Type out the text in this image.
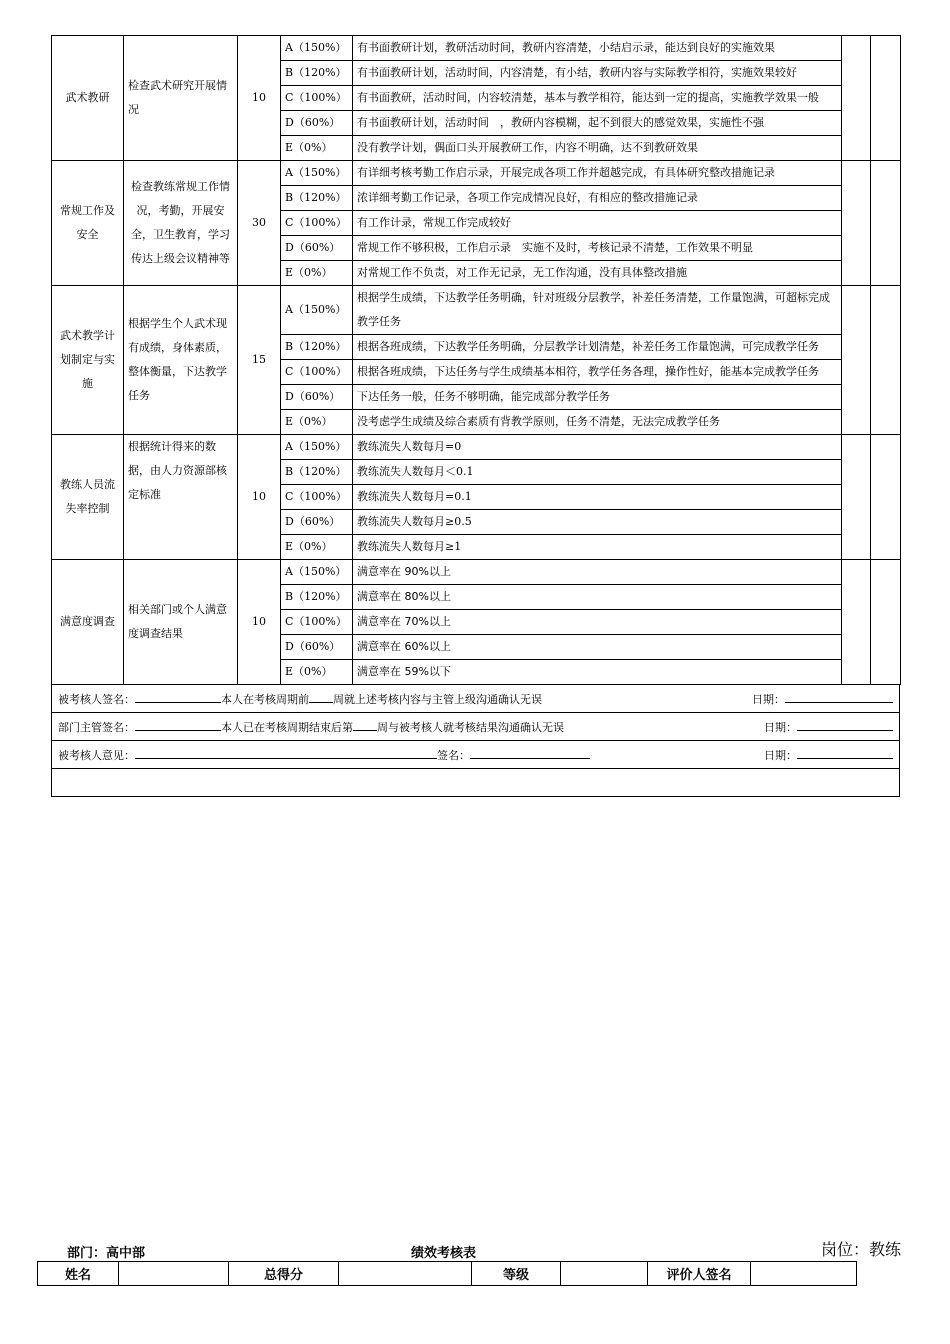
武术教研	检查武术研究开展情况	10	A（150%）	有书面教研计划，教研活动时间，教研内容清楚，小结启示录，能达到良好的实施效果		
			B（120%）	有书面教研计划，活动时间，内容清楚，有小结，教研内容与实际教学相符，实施效果较好		
			C（100%）	有书面教研，活动时间，内容较清楚，基本与教学相符，能达到一定的提高，实施教学效果一般		
			D（60%）	有书面教研计划，活动时间　，教研内容模糊，起不到很大的感觉效果，实施性不强		
			E（0%）	没有教学计划，偶面口头开展教研工作，内容不明确，达不到教研效果		
常规工作及安全	检查教练常规工作情况，考勤，开展安全，卫生教育，学习传达上级会议精神等	30	A（150%）	有详细考核考勤工作启示录，开展完成各项工作并超越完成，有具体研究整改措施记录		
			B（120%）	浓详细考勤工作记录，各项工作完成情况良好，有相应的整改措施记录		
			C（100%）	有工作计录，常规工作完成较好		
			D（60%）	常规工作不够积极，工作启示录　实施不及时，考核记录不清楚，工作效果不明显		
			E（0%）	对常规工作不负责，对工作无记录，无工作沟通，没有具体整改措施		
武术教学计划制定与实施	根据学生个人武术现有成绩，身体素质，整体衡量，下达教学任务	15	A（150%）	根据学生成绩，下达教学任务明确，针对班级分层教学，补差任务清楚，工作量饱满，可超标完成教学任务		
			B（120%）	根据各班成绩，下达教学任务明确，分层教学计划清楚，补差任务工作量饱满，可完成教学任务		
			C（100%）	根据各班成绩，下达任务与学生成绩基本相符，教学任务各理，操作性好，能基本完成教学任务		
			D（60%）	下达任务一般，任务不够明确，能完成部分教学任务		
			E（0%）	没考虑学生成绩及综合素质有背教学原则，任务不清楚，无法完成教学任务		
教练人员流失率控制	根据统计得来的数据，由人力资源部核定标准	10	A（150%）	教练流失人数每月=0		
			B（120%）	教练流失人数每月＜0.1		
			C（100%）	教练流失人数每月=0.1		
			D（60%）	教练流失人数每月≥0.5		
			E（0%）	教练流失人数每月≥1		
满意度调查	相关部门或个人满意度调查结果	10	A（150%）	满意率在 90%以上		
			B（120%）	满意率在 80%以上		
			C（100%）	满意率在 70%以上		
			D（60%）	满意率在 60%以上		
			E（0%）	满意率在 59%以下		
被考核人签名：	本人在考核周期前 周就上述考核内容与主管上级沟通确认无误	日期：

部门主管签名：	本人已在考核周期结束后第 周与被考核人就考核结果沟通确认无误	日期：

被考核人意见：	签名：	日期：

部门：高中部	绩效考核表	岗位：教练
姓名		总得分		等级		评价人签名	
